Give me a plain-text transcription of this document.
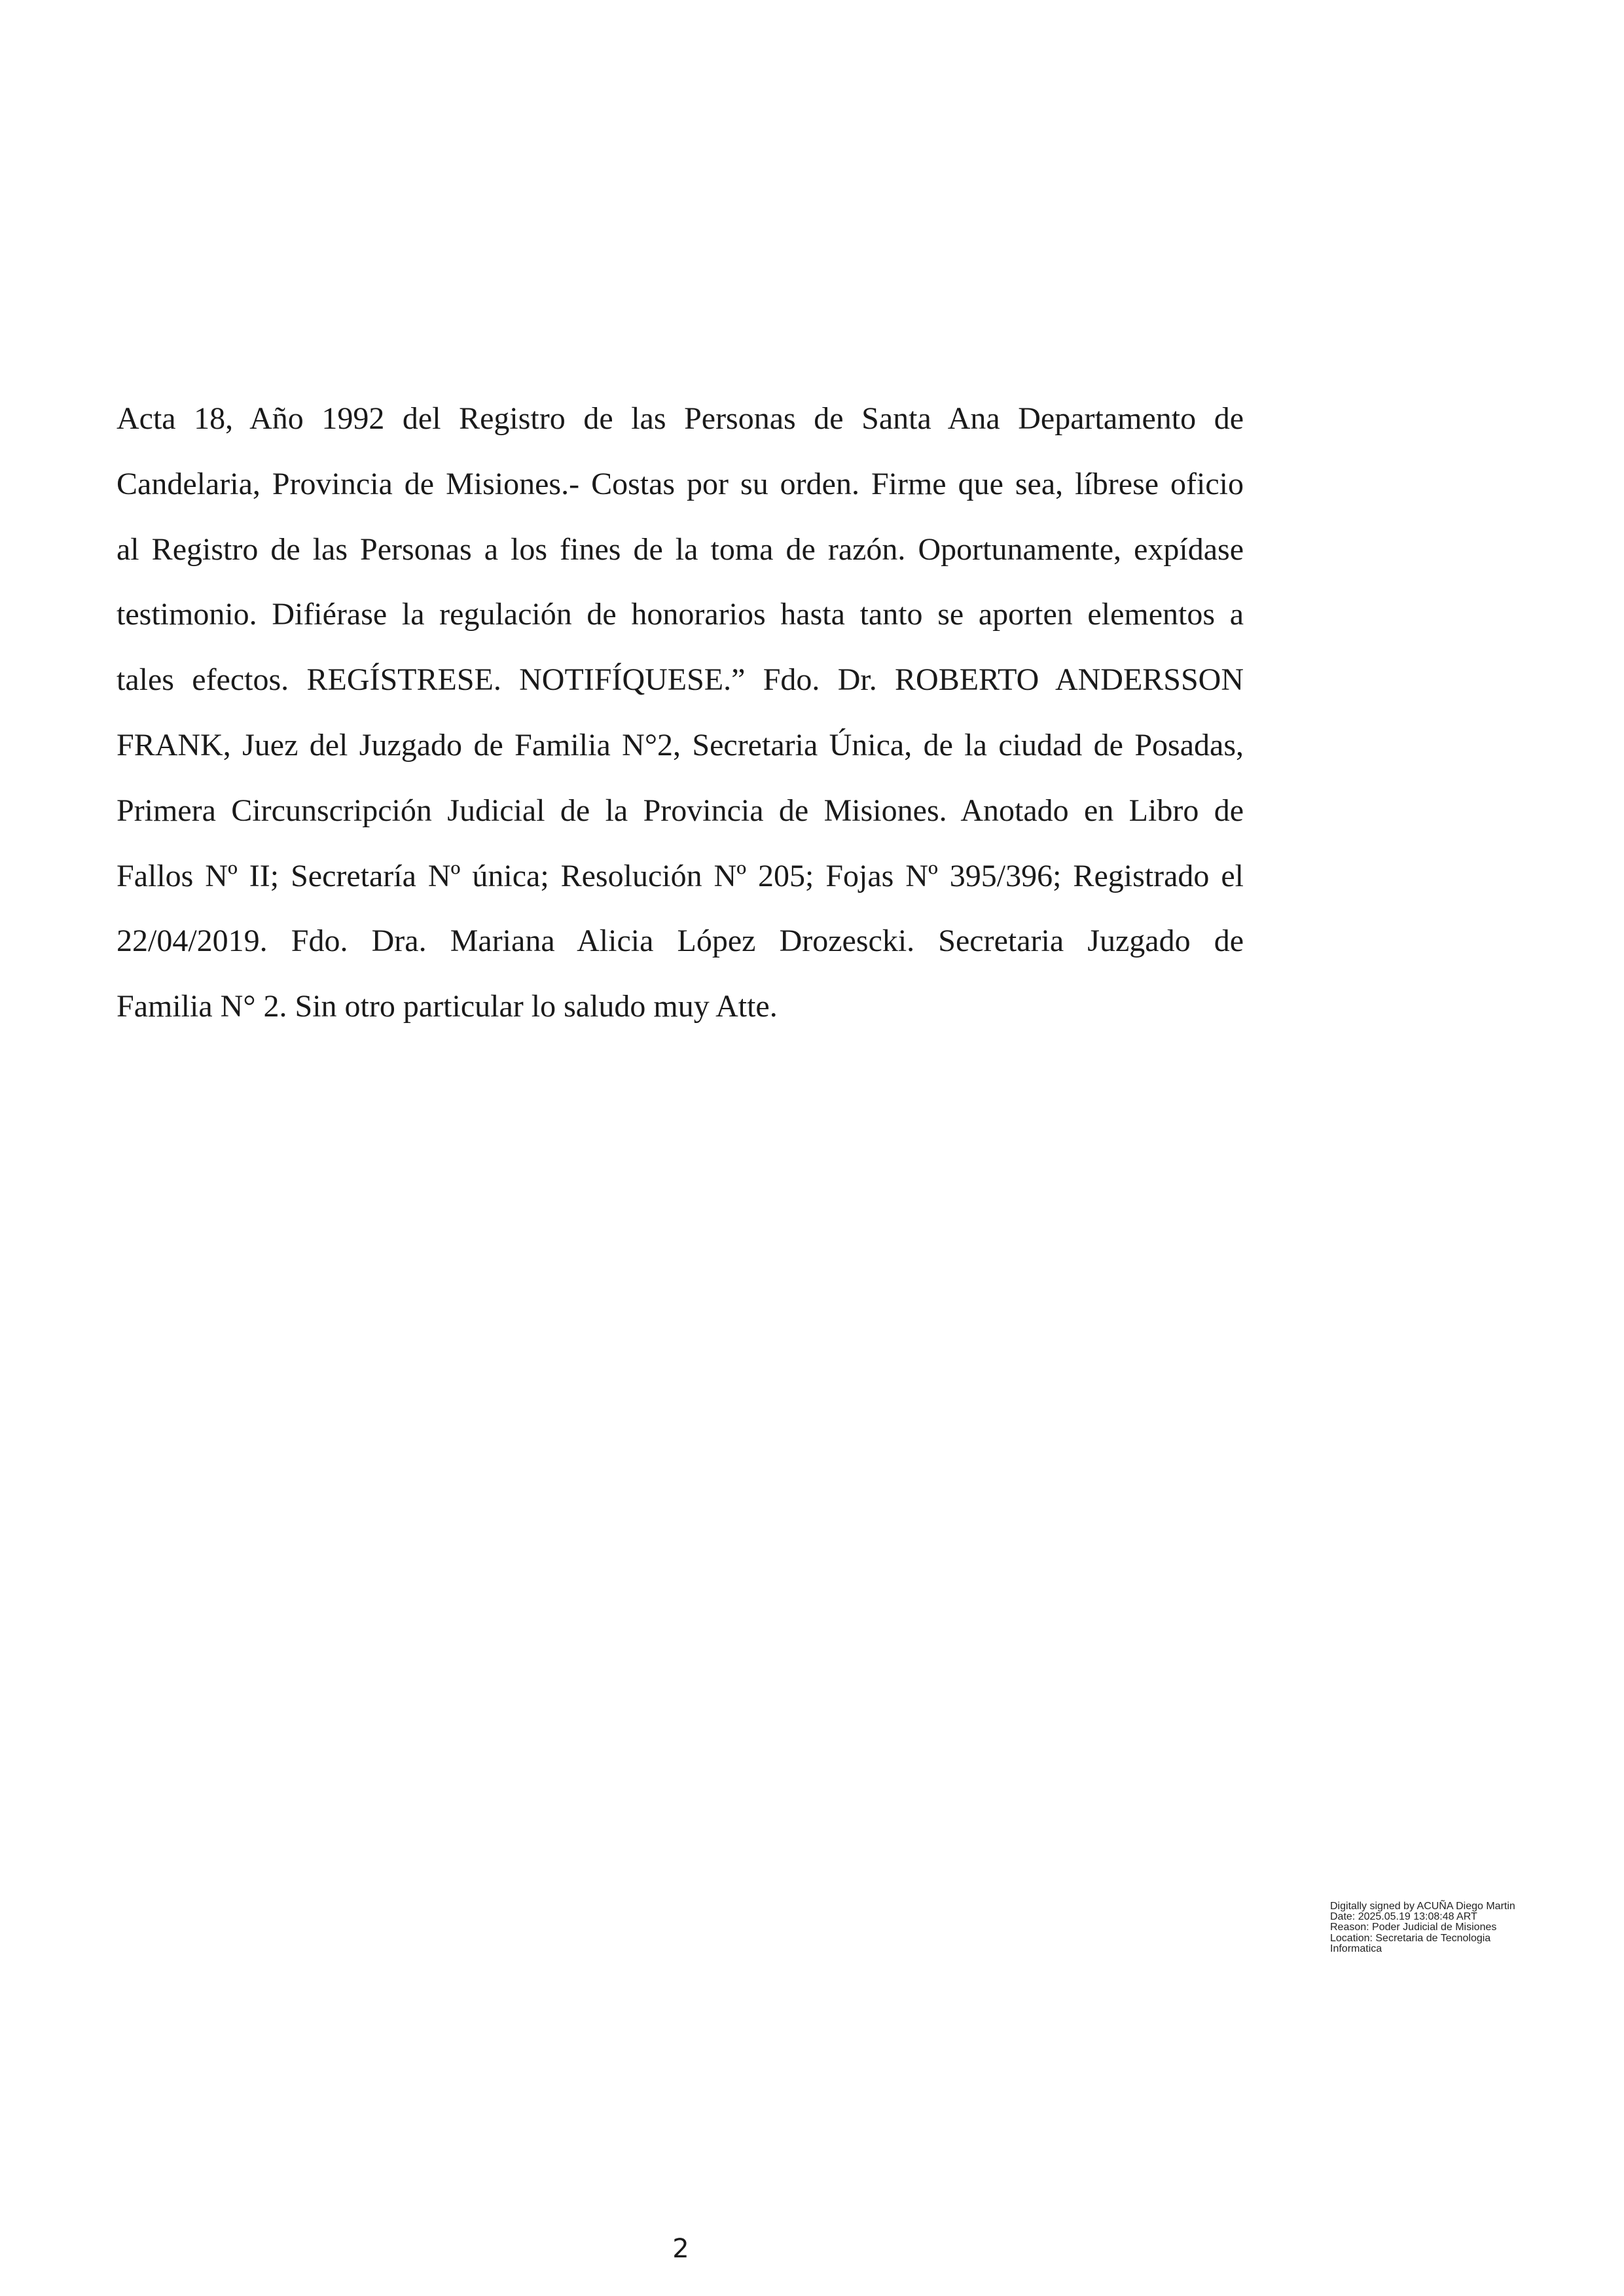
Acta 18, Año 1992 del Registro de las Personas de Santa Ana Departamento de
Candelaria, Provincia de Misiones.- Costas por su orden. Firme que sea, líbrese oficio
al Registro de las Personas a los fines de la toma de razón. Oportunamente, expídase
testimonio. Difiérase la regulación de honorarios hasta tanto se aporten elementos a
tales efectos. REGÍSTRESE. NOTIFÍQUESE.” Fdo. Dr. ROBERTO ANDERSSON
FRANK, Juez del Juzgado de Familia N°2, Secretaria Única, de la ciudad de Posadas,
Primera Circunscripción Judicial de la Provincia de Misiones. Anotado en Libro de
Fallos Nº II; Secretaría Nº única; Resolución Nº 205; Fojas Nº 395/396; Registrado el
22/04/2019. Fdo. Dra. Mariana Alicia López Drozescki. Secretaria Juzgado de
Familia N° 2. Sin otro particular lo saludo muy Atte.
Digitally signed by ACUÑA Diego Martin
Date: 2025.05.19 13:08:48 ART
Reason: Poder Judicial de Misiones
Location: Secretaria de Tecnologia
Informatica
2
